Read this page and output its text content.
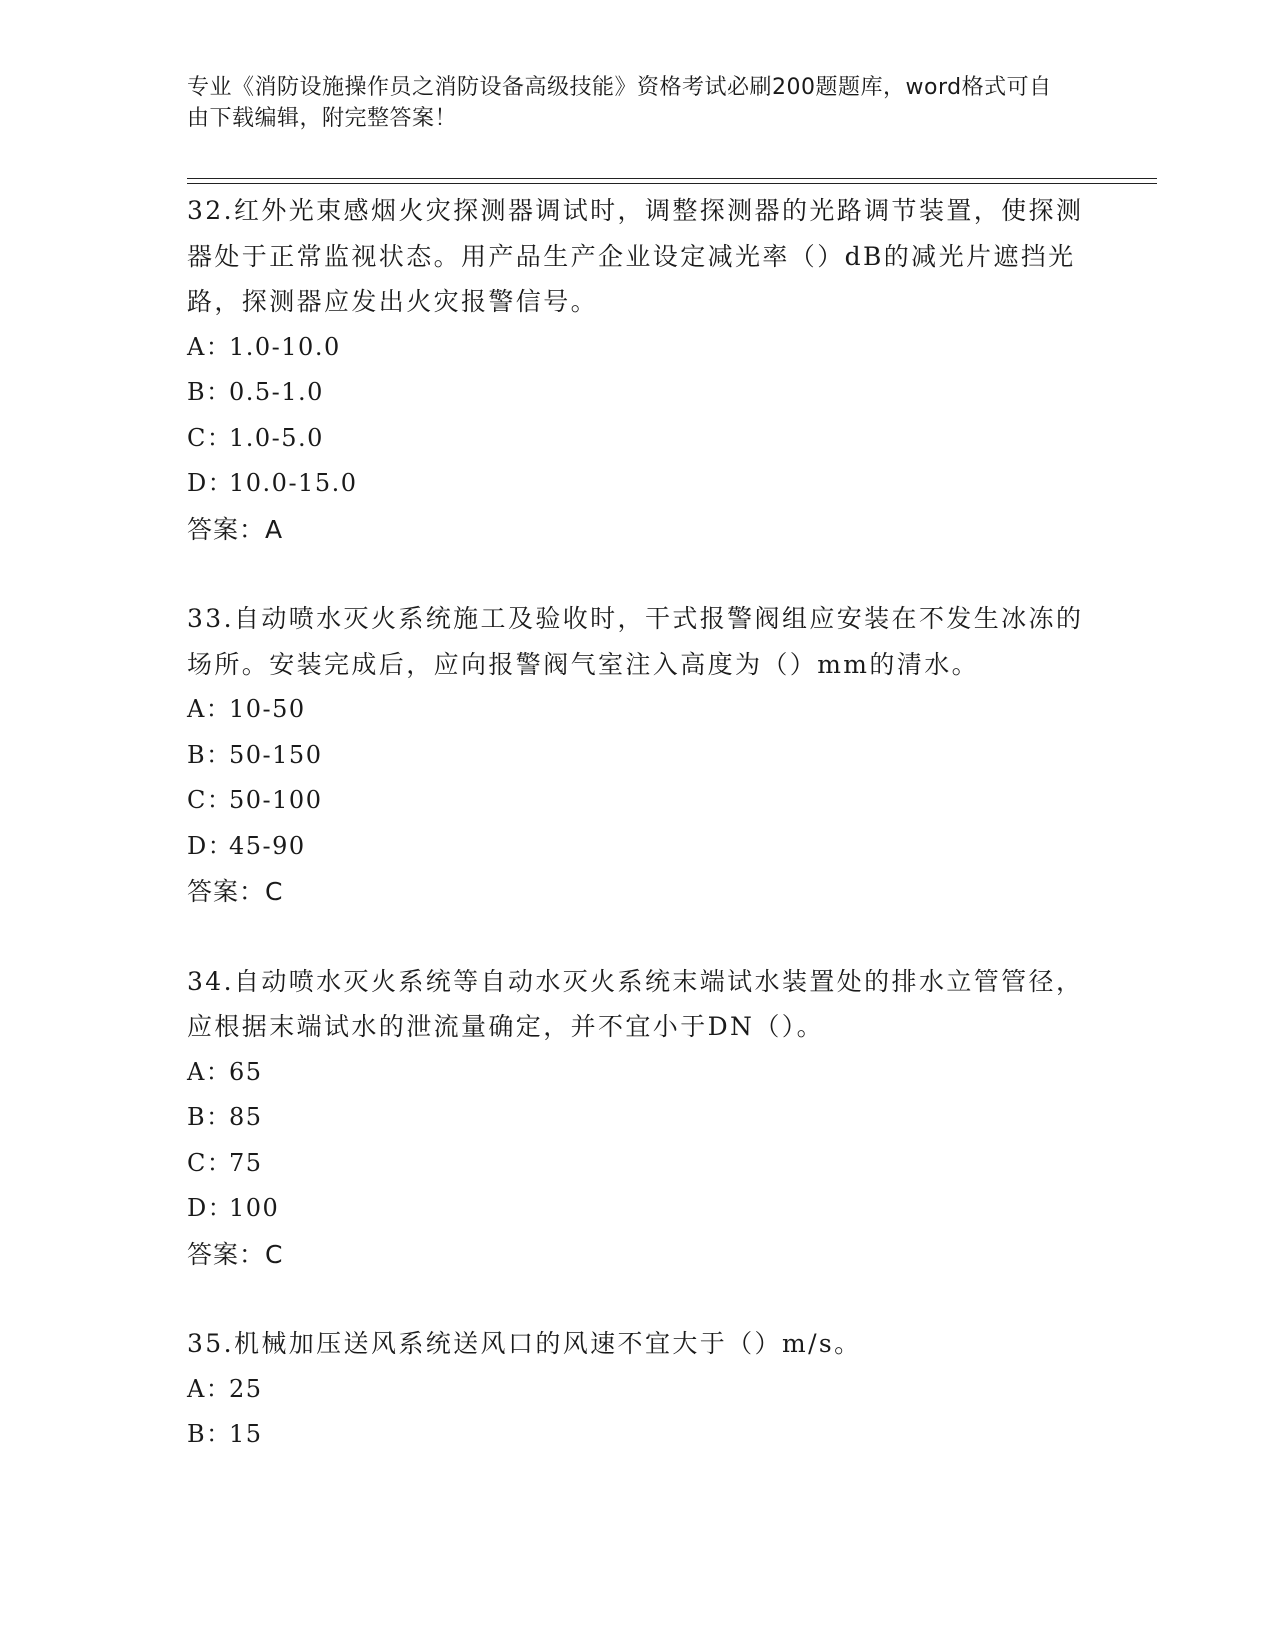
专业《消防设施操作员之消防设备高级技能》资格考试必刷200题题库，word格式可自由下载编辑，附完整答案！

32.红外光束感烟火灾探测器调试时，调整探测器的光路调节装置，使探测器处于正常监视状态。用产品生产企业设定减光率（）dB的减光片遮挡光路，探测器应发出火灾报警信号。

A：1.0-10.0

B：0.5-1.0

C：1.0-5.0

D：10.0-15.0

答案：A

33.自动喷水灭火系统施工及验收时，干式报警阀组应安装在不发生冰冻的场所。安装完成后，应向报警阀气室注入高度为（）mm的清水。

A：10-50

B：50-150

C：50-100

D：45-90

答案：C

34.自动喷水灭火系统等自动水灭火系统末端试水装置处的排水立管管径，应根据末端试水的泄流量确定，并不宜小于DN（）。

A：65

B：85

C：75

D：100

答案：C

35.机械加压送风系统送风口的风速不宜大于（）m/s。

A：25

B：15
